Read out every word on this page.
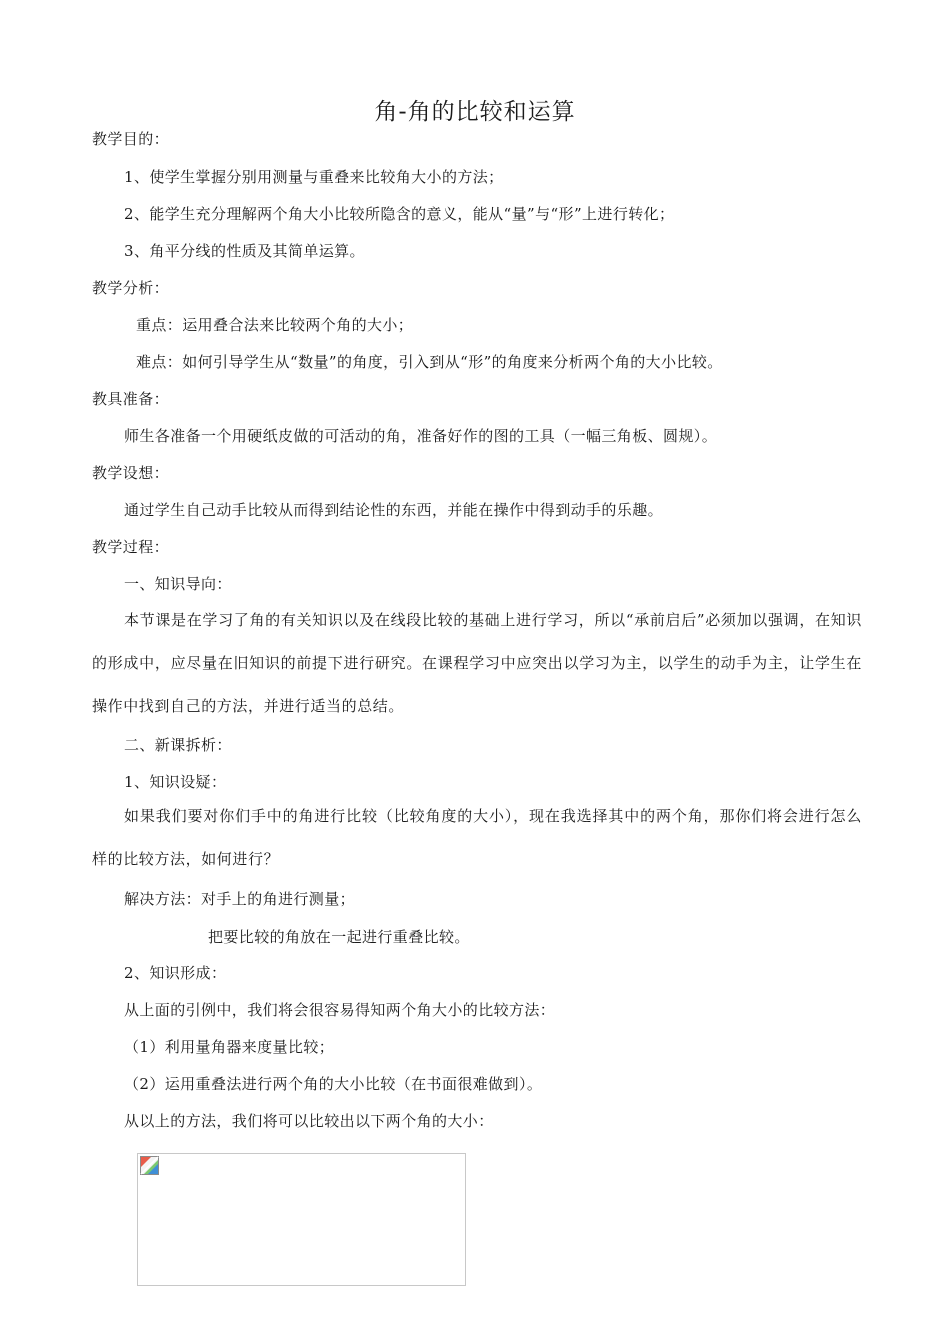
角-角的比较和运算
教学目的：
1、使学生掌握分别用测量与重叠来比较角大小的方法；
2、能学生充分理解两个角大小比较所隐含的意义，能从“量”与“形”上进行转化；
3、角平分线的性质及其简单运算。
教学分析：
重点：运用叠合法来比较两个角的大小；
难点：如何引导学生从“数量”的角度，引入到从“形”的角度来分析两个角的大小比较。
教具准备：
师生各准备一个用硬纸皮做的可活动的角，准备好作的图的工具（一幅三角板、圆规）。
教学设想：
通过学生自己动手比较从而得到结论性的东西，并能在操作中得到动手的乐趣。
教学过程：
一、知识导向：
本节课是在学习了角的有关知识以及在线段比较的基础上进行学习，所以“承前启后”必须加以强调，在知识的形成中，应尽量在旧知识的前提下进行研究。在课程学习中应突出以学习为主，以学生的动手为主，让学生在操作中找到自己的方法，并进行适当的总结。
二、新课拆析：
1、知识设疑：
如果我们要对你们手中的角进行比较（比较角度的大小），现在我选择其中的两个角，那你们将会进行怎么样的比较方法，如何进行？
解决方法：对手上的角进行测量；
把要比较的角放在一起进行重叠比较。
2、知识形成：
从上面的引例中，我们将会很容易得知两个角大小的比较方法：
（1）利用量角器来度量比较；
（2）运用重叠法进行两个角的大小比较（在书面很难做到）。
从以上的方法，我们将可以比较出以下两个角的大小：
